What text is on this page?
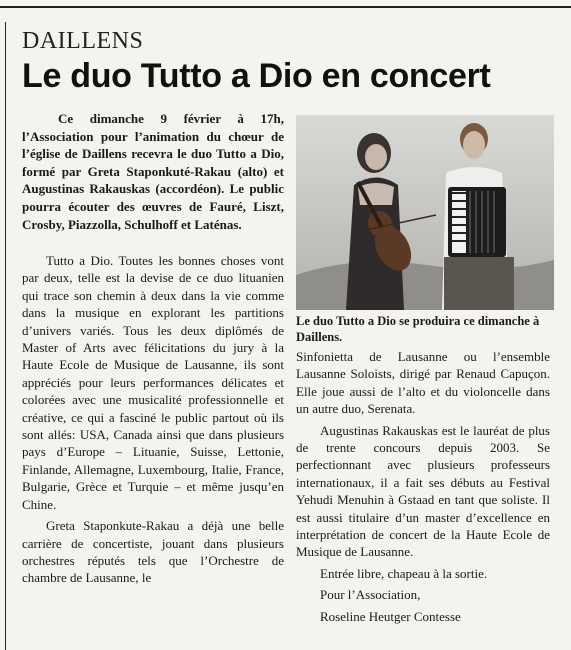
DAILLENS
Le duo Tutto a Dio en concert

Ce dimanche 9 février à 17h, l’Association pour l’animation du chœur de l’église de Daillens recevra le duo Tutto a Dio, formé par Greta Staponkuté-Rakau (alto) et Augustinas Rakauskas (accordéon). Le public pourra écouter des œuvres de Fauré, Liszt, Crosby, Piazzolla, Schulhoff et Laténas.

Tutto a Dio. Toutes les bonnes choses vont par deux, telle est la devise de ce duo lituanien qui trace son chemin à deux dans la vie comme dans la musique en explorant les partitions d’univers variés. Tous les deux diplômés de Master of Arts avec félicitations du jury à la Haute Ecole de Musique de Lausanne, ils sont appréciés pour leurs performances délicates et colorées avec une musicalité professionnelle et créative, ce qui a fasciné le public partout où ils sont allés: USA, Canada ainsi que dans plusieurs pays d’Europe – Lituanie, Suisse, Lettonie, Finlande, Allemagne, Luxembourg, Italie, France, Bulgarie, Grèce et Turquie – et même jusqu’en Chine.

Greta Staponkute-Rakau a déjà une belle carrière de concertiste, jouant dans plusieurs orchestres réputés tels que l’Orchestre de chambre de Lausanne, le

Le duo Tutto a Dio se produira ce dimanche à Daillens.

Sinfonietta de Lausanne ou l’ensemble Lausanne Soloists, dirigé par Renaud Capuçon. Elle joue aussi de l’alto et du violoncelle dans un autre duo, Serenata.

Augustinas Rakauskas est le lauréat de plus de trente concours depuis 2003. Se perfectionnant avec plusieurs professeurs internationaux, il a fait ses débuts au Festival Yehudi Menuhin à Gstaad en tant que soliste. Il est aussi titulaire d’un master d’excellence en interprétation de concert de la Haute Ecole de Musique de Lausanne.

Entrée libre, chapeau à la sortie.

Pour l’Association,

Roseline Heutger Contesse
